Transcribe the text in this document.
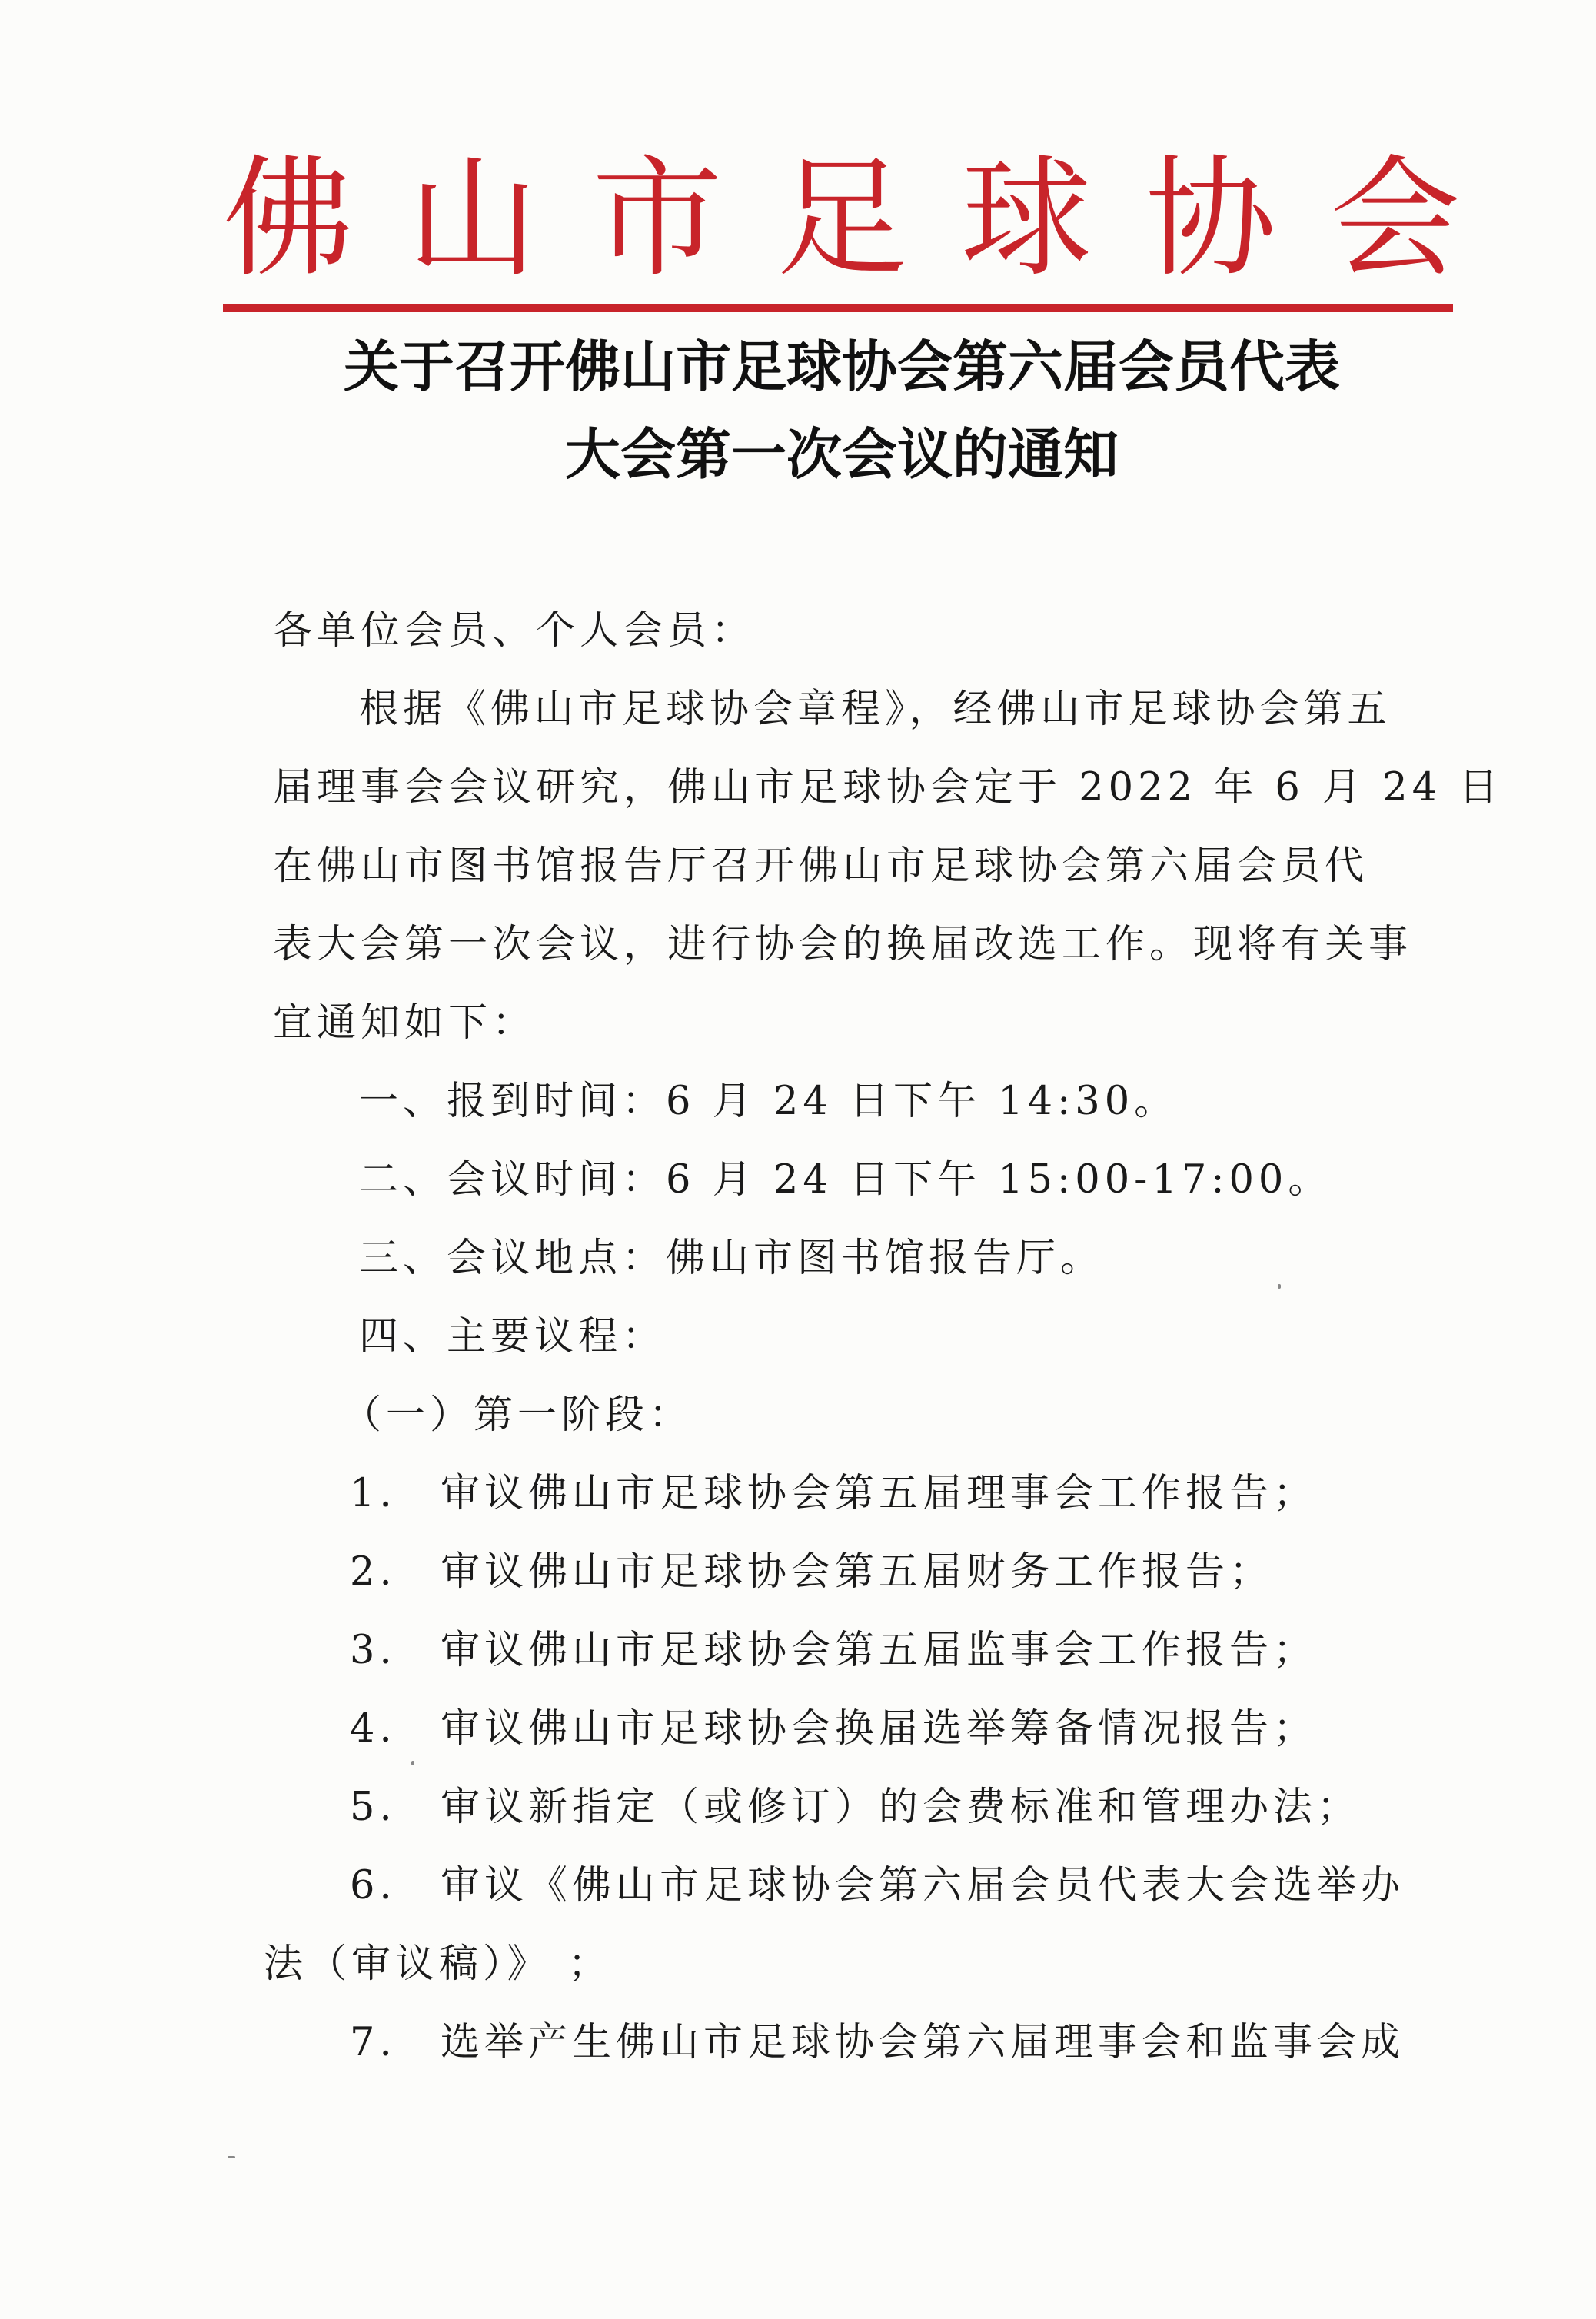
佛 山 市 足 球 协 会
关于召开佛山市足球协会第六届会员代表
大会第一次会议的通知
各单位会员、个人会员：
根据《佛山市足球协会章程》，经佛山市足球协会第五
届理事会会议研究，佛山市足球协会定于 2022 年 6 月 24 日
在佛山市图书馆报告厅召开佛山市足球协会第六届会员代
表大会第一次会议，进行协会的换届改选工作。现将有关事
宜通知如下：
一、报到时间：6 月 24 日下午 14:30。
二、会议时间：6 月 24 日下午 15:00-17:00。
三、会议地点：佛山市图书馆报告厅。
四、主要议程：
（一）第一阶段：
1. 审议佛山市足球协会第五届理事会工作报告；
2. 审议佛山市足球协会第五届财务工作报告；
3. 审议佛山市足球协会第五届监事会工作报告；
4. 审议佛山市足球协会换届选举筹备情况报告；
5. 审议新指定（或修订）的会费标准和管理办法；
6. 审议《佛山市足球协会第六届会员代表大会选举办
法（审议稿）》 ；
7. 选举产生佛山市足球协会第六届理事会和监事会成
